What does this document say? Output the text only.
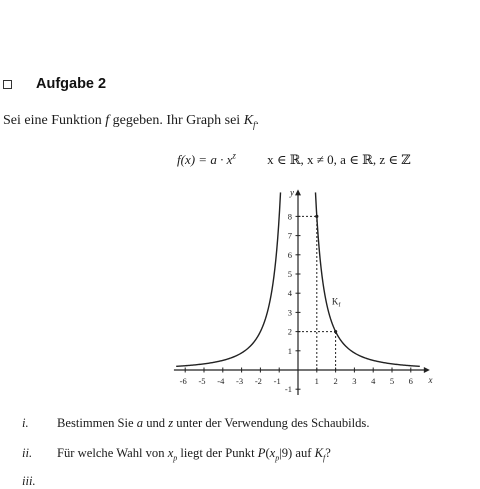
Aufgabe 2
Sei eine Funktion f gegeben. Ihr Graph sei $K_f$.
$f(x) = a \cdot x^z$ x ∈ ℝ, x ≠ 0, a ∈ ℝ, z ∈ ℤ
x
y
-6 -5 -4 -3 -2 -1	1 2 3 4 5 6
-1
1
2
3
4
5
6
7
8
$K_f$
i. Bestimmen Sie a und z unter der Verwendung des Schaubilds.
ii. Für welche Wahl von $x_p$ liegt der Punkt $P(x_p|9)$ auf $K_f$?
iii.
